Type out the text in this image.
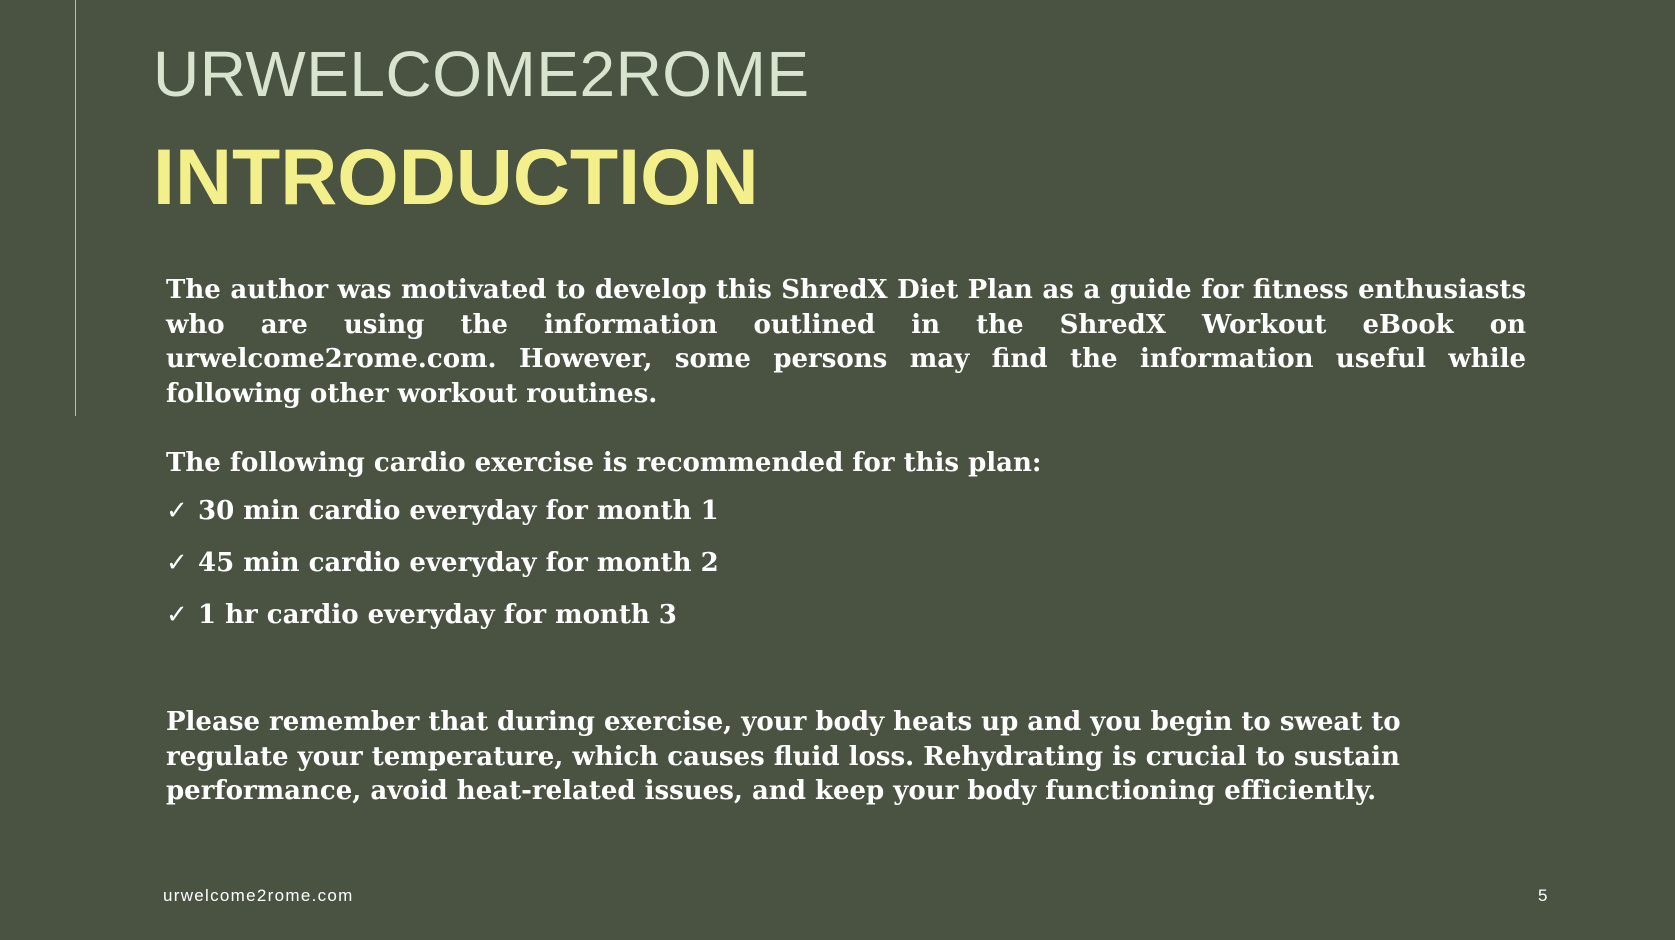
URWELCOME2ROME
INTRODUCTION

The author was motivated to develop this ShredX Diet Plan as a guide for fitness enthusiasts who are using the information outlined in the ShredX Workout eBook on urwelcome2rome.com. However, some persons may find the information useful while following other workout routines.

The following cardio exercise is recommended for this plan:

✓ 30 min cardio everyday for month 1
✓ 45 min cardio everyday for month 2
✓ 1 hr cardio everyday for month 3

Please remember that during exercise, your body heats up and you begin to sweat to regulate your temperature, which causes fluid loss. Rehydrating is crucial to sustain performance, avoid heat-related issues, and keep your body functioning efficiently.

urwelcome2rome.com	5
